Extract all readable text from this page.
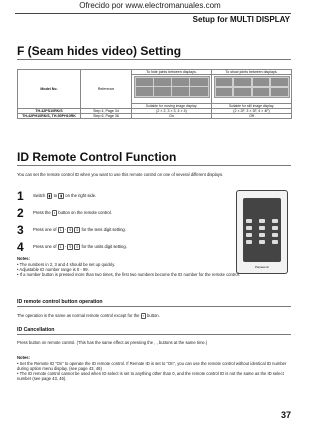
Ofrecido por www.electromanuales.com
Setup for MULTI DISPLAY
F (Seam hides video) Setting
Model No.	Reference	To hide joints between displays.	To show joints between displays.

		Suitable for moving image display.	Suitable for still image display.
TH-42PS10RK/S	Step 4, Page 34	(2 × 2, 3 × 3, 4 × 4)	(2 × 2F, 3 × 3F, 4 × 4F)
TH-42PH10RK/S, TH-50PH10RK	Step 6, Page 36	On	Off
ID Remote Control Function
You can set the remote control ID when you want to use this remote control on one of several different displays.
1 Switch ▮ to ▮ on the right side.
2 Press the ▪ button on the remote control.
3 Press one of 1 - 9 0 for the tens digit setting.
4 Press one of 1 - 9 0 for the units digit setting.
Panasonic
Notes:
• The numbers in 2, 3 and 4 should be set up quickly.
• Adjustable ID number range is 0 - 99.
• If a number button is pressed more than two times, the first two numbers become the ID number for the remote control.
ID remote control button operation
The operation is the same as normal remote control except for the ▪ button.
ID Cancellation
Press button on remote control. (This has the same effect as pressing the , , buttons at the same time.)
Notes:
• Set the Remote ID “On” to operate the ID remote control. If Remote ID is set to “On”, you can use the remote control without identical ID number during option menu display. (see page 43, 46)
• The ID remote control cannot be used when ID select is set to anything other than 0, and the remote control ID is not the same as the ID select number (see page 43, 46).
37
